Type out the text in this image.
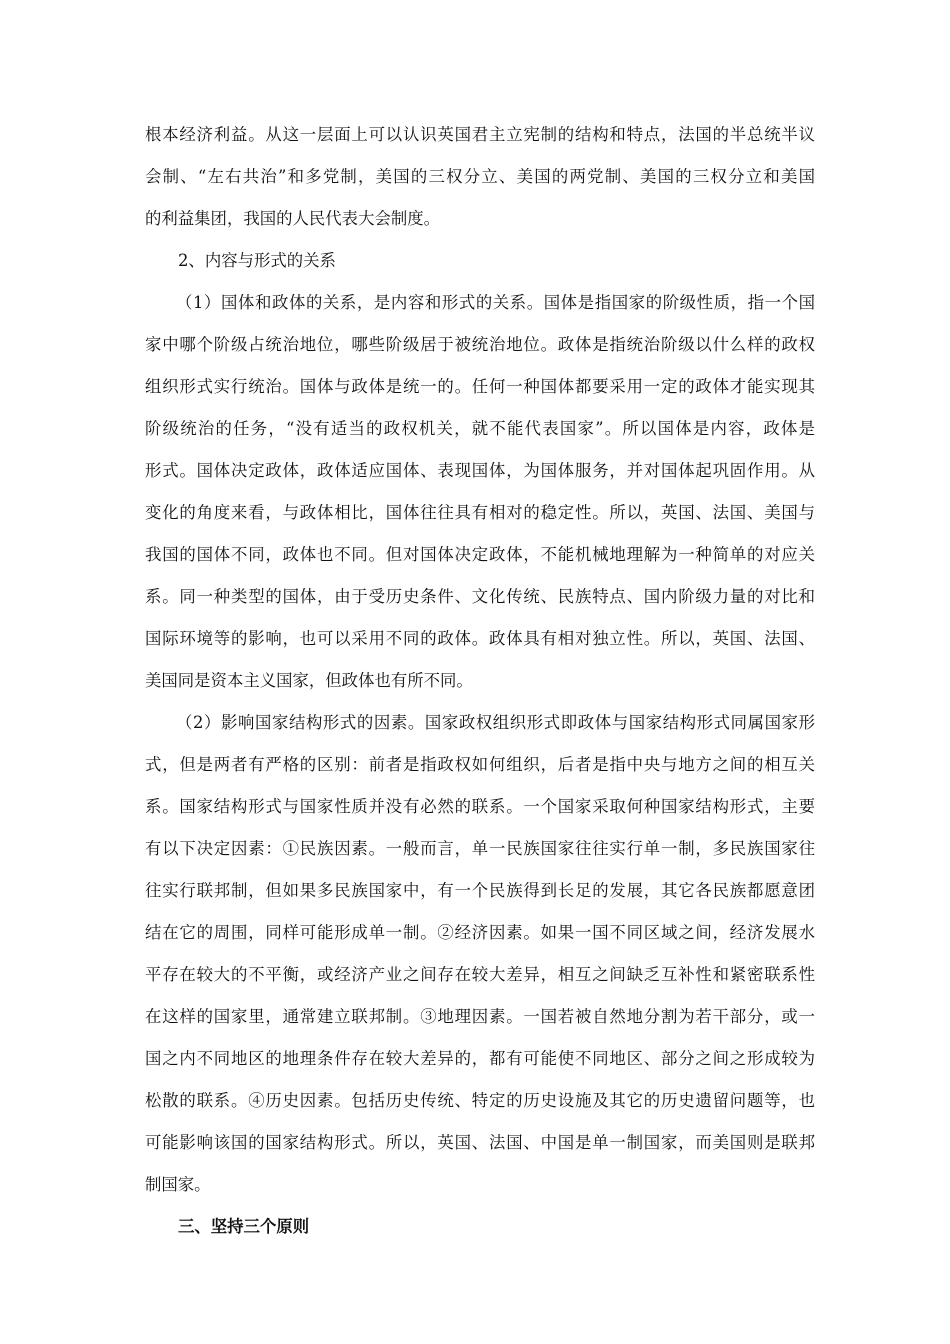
根本经济利益。从这一层面上可以认识英国君主立宪制的结构和特点，法国的半总统半议
会制、“左右共治”和多党制，美国的三权分立、美国的两党制、美国的三权分立和美国
的利益集团，我国的人民代表大会制度。
2、内容与形式的关系
（1）国体和政体的关系，是内容和形式的关系。国体是指国家的阶级性质，指一个国
家中哪个阶级占统治地位，哪些阶级居于被统治地位。政体是指统治阶级以什么样的政权
组织形式实行统治。国体与政体是统一的。任何一种国体都要采用一定的政体才能实现其
阶级统治的任务，“没有适当的政权机关，就不能代表国家”。所以国体是内容，政体是
形式。国体决定政体，政体适应国体、表现国体，为国体服务，并对国体起巩固作用。从
变化的角度来看，与政体相比，国体往往具有相对的稳定性。所以，英国、法国、美国与
我国的国体不同，政体也不同。但对国体决定政体，不能机械地理解为一种简单的对应关
系。同一种类型的国体，由于受历史条件、文化传统、民族特点、国内阶级力量的对比和
国际环境等的影响，也可以采用不同的政体。政体具有相对独立性。所以，英国、法国、
美国同是资本主义国家，但政体也有所不同。
（2）影响国家结构形式的因素。国家政权组织形式即政体与国家结构形式同属国家形
式，但是两者有严格的区别：前者是指政权如何组织，后者是指中央与地方之间的相互关
系。国家结构形式与国家性质并没有必然的联系。一个国家采取何种国家结构形式，主要
有以下决定因素：①民族因素。一般而言，单一民族国家往往实行单一制，多民族国家往
往实行联邦制，但如果多民族国家中，有一个民族得到长足的发展，其它各民族都愿意团
结在它的周围，同样可能形成单一制。②经济因素。如果一国不同区域之间，经济发展水
平存在较大的不平衡，或经济产业之间存在较大差异，相互之间缺乏互补性和紧密联系性
在这样的国家里，通常建立联邦制。③地理因素。一国若被自然地分割为若干部分，或一
国之内不同地区的地理条件存在较大差异的，都有可能使不同地区、部分之间之形成较为
松散的联系。④历史因素。包括历史传统、特定的历史设施及其它的历史遗留问题等，也
可能影响该国的国家结构形式。所以，英国、法国、中国是单一制国家，而美国则是联邦
制国家。
三、坚持三个原则
